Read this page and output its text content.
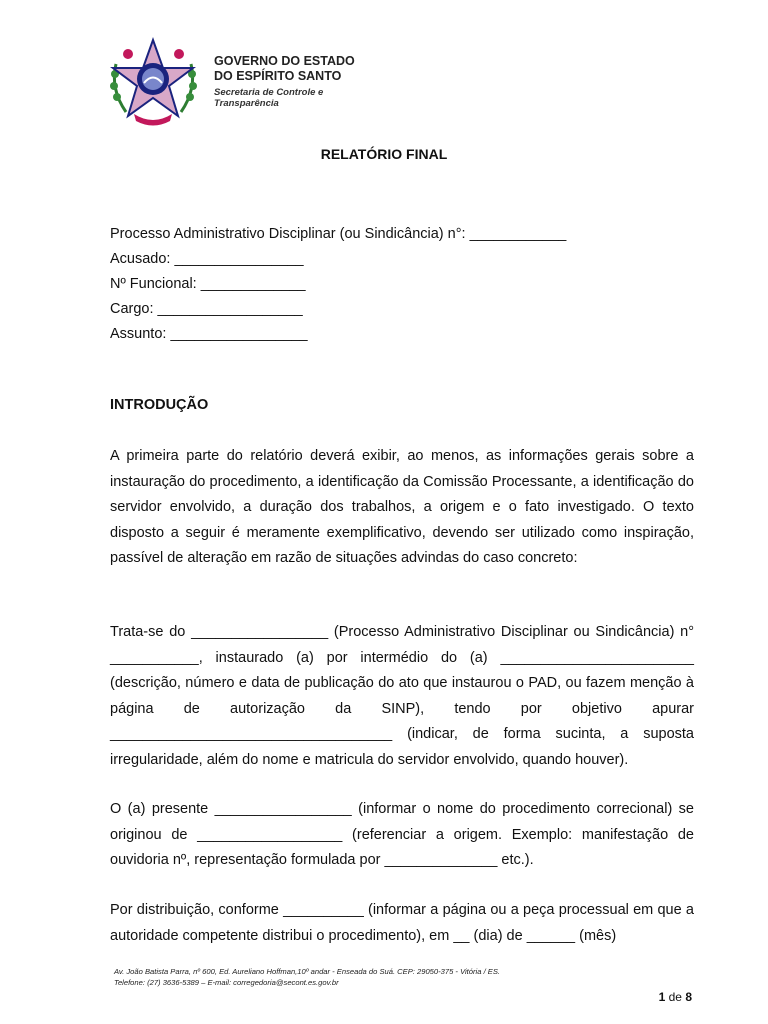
GOVERNO DO ESTADO
DO ESPÍRITO SANTO
Secretaria de Controle e Transparência
RELATÓRIO FINAL
Processo Administrativo Disciplinar (ou Sindicância) n°: ____________
Acusado: ________________
Nº Funcional: _____________
Cargo: __________________
Assunto: _________________
INTRODUÇÃO

A primeira parte do relatório deverá exibir, ao menos, as informações gerais sobre a instauração do procedimento, a identificação da Comissão Processante, a identificação do servidor envolvido, a duração dos trabalhos, a origem e o fato investigado. O texto disposto a seguir é meramente exemplificativo, devendo ser utilizado como inspiração, passível de alteração em razão de situações advindas do caso concreto:

Trata-se do _________________ (Processo Administrativo Disciplinar ou Sindicância) n° ___________, instaurado (a) por intermédio do (a) ________________________ (descrição, número e data de publicação do ato que instaurou o PAD, ou fazem menção à página de autorização da SINP), tendo por objetivo apurar ___________________________________ (indicar, de forma sucinta, a suposta irregularidade, além do nome e matricula do servidor envolvido, quando houver).

O (a) presente _________________ (informar o nome do procedimento correcional) se originou de __________________ (referenciar a origem. Exemplo: manifestação de ouvidoria nº, representação formulada por ______________ etc.).

Por distribuição, conforme __________ (informar a página ou a peça processual em que a autoridade competente distribui o procedimento), em __ (dia) de ______ (mês)

Av. João Batista Parra, nº 600, Ed. Aureliano Hoffman,10º andar - Enseada do Suá. CEP: 29050-375 - Vitória / ES.
Telefone: (27) 3636-5389 – E-mail: corregedoria@secont.es.gov.br
1 de 8
